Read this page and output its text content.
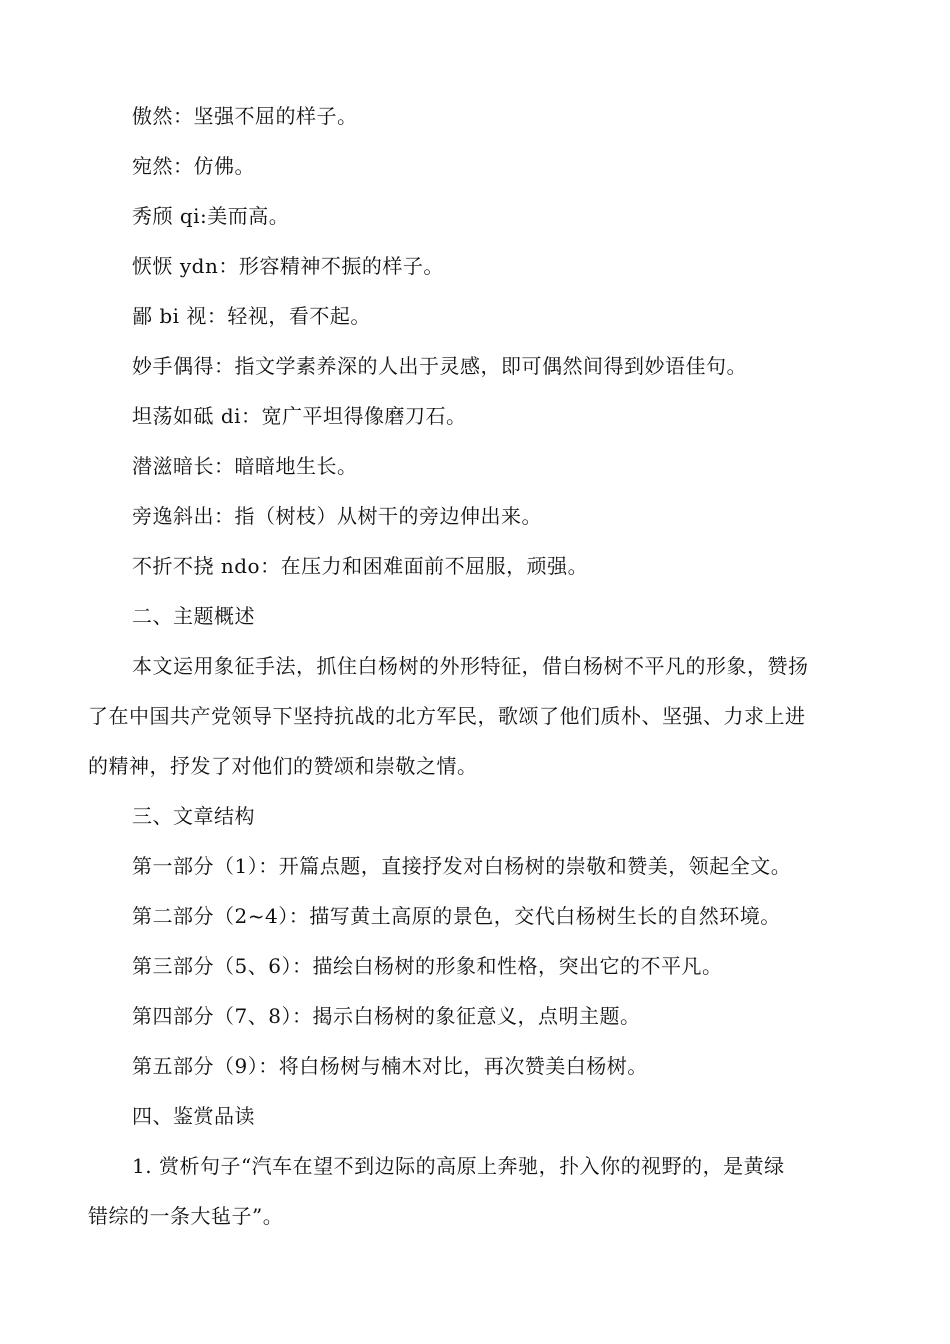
傲然：坚强不屈的样子。
宛然：仿佛。
秀颀 qi:美而高。
恹恹 ydn：形容精神不振的样子。
鄙 bi 视：轻视，看不起。
妙手偶得：指文学素养深的人出于灵感，即可偶然间得到妙语佳句。
坦荡如砥 di：宽广平坦得像磨刀石。
潜滋暗长：暗暗地生长。
旁逸斜出：指（树枝）从树干的旁边伸出来。
不折不挠 ndo：在压力和困难面前不屈服，顽强。
二、主题概述
本文运用象征手法，抓住白杨树的外形特征，借白杨树不平凡的形象，赞扬
了在中国共产党领导下坚持抗战的北方军民，歌颂了他们质朴、坚强、力求上进
的精神，抒发了对他们的赞颂和崇敬之情。
三、文章结构
第一部分（1）：开篇点题，直接抒发对白杨树的崇敬和赞美，领起全文。
第二部分（2~4）：描写黄土高原的景色，交代白杨树生长的自然环境。
第三部分（5、6）：描绘白杨树的形象和性格，突出它的不平凡。
第四部分（7、8）：揭示白杨树的象征意义，点明主题。
第五部分（9）：将白杨树与楠木对比，再次赞美白杨树。
四、鉴赏品读
1. 赏析句子“汽车在望不到边际的高原上奔驰，扑入你的视野的，是黄绿
错综的一条大毡子”。
